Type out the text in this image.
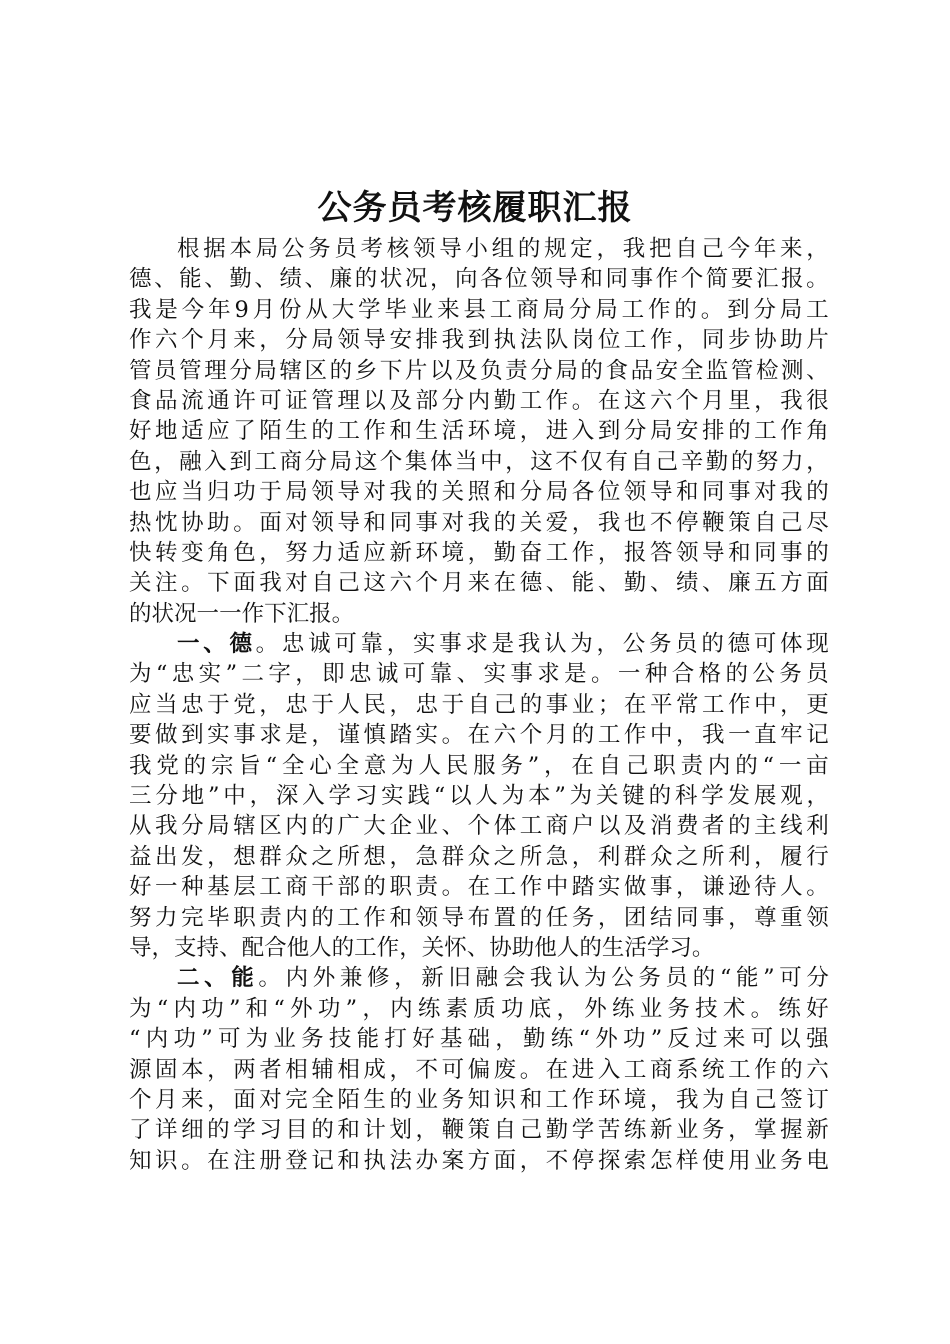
公务员考核履职汇报
根 据 本 局 公 务 员 考 核 领 导 小 组 的 规 定 ， 我 把 自 己 今 年 来 ，
德 、 能 、 勤 、 绩 、 廉 的 状 况 ， 向 各 位 领 导 和 同 事 作 个 简 要 汇 报 。
我 是 今 年 9 月 份 从 大 学 毕 业 来 县 工 商 局 分 局 工 作 的 。 到 分 局 工
作 六 个 月 来 ， 分 局 领 导 安 排 我 到 执 法 队 岗 位 工 作 ， 同 步 协 助 片
管 员 管 理 分 局 辖 区 的 乡 下 片 以 及 负 责 分 局 的 食 品 安 全 监 管 检 测 、
食 品 流 通 许 可 证 管 理 以 及 部 分 内 勤 工 作 。 在 这 六 个 月 里 ， 我 很
好 地 适 应 了 陌 生 的 工 作 和 生 活 环 境 ， 进 入 到 分 局 安 排 的 工 作 角
色 ， 融 入 到 工 商 分 局 这 个 集 体 当 中 ， 这 不 仅 有 自 己 辛 勤 的 努 力 ，
也 应 当 归 功 于 局 领 导 对 我 的 关 照 和 分 局 各 位 领 导 和 同 事 对 我 的
热 忱 协 助 。 面 对 领 导 和 同 事 对 我 的 关 爱 ， 我 也 不 停 鞭 策 自 己 尽
快 转 变 角 色 ， 努 力 适 应 新 环 境 ， 勤 奋 工 作 ， 报 答 领 导 和 同 事 的
关 注 。 下 面 我 对 自 己 这 六 个 月 来 在 德 、 能 、 勤 、 绩 、 廉 五 方 面
的 状 况 一 一 作 下 汇 报 。
一 、 德 。 忠 诚 可 靠 ， 实 事 求 是 我 认 为 ， 公 务 员 的 德 可 体 现
为 “ 忠 实 ” 二 字 ， 即 忠 诚 可 靠 、 实 事 求 是 。 一 种 合 格 的 公 务 员
应 当 忠 于 党 ， 忠 于 人 民 ， 忠 于 自 己 的 事 业 ； 在 平 常 工 作 中 ， 更
要 做 到 实 事 求 是 ， 谨 慎 踏 实 。 在 六 个 月 的 工 作 中 ， 我 一 直 牢 记
我 党 的 宗 旨 “ 全 心 全 意 为 人 民 服 务 ” ， 在 自 己 职 责 内 的 “ 一 亩
三 分 地 ” 中 ， 深 入 学 习 实 践 “ 以 人 为 本 ” 为 关 键 的 科 学 发 展 观 ，
从 我 分 局 辖 区 内 的 广 大 企 业 、 个 体 工 商 户 以 及 消 费 者 的 主 线 利
益 出 发 ， 想 群 众 之 所 想 ， 急 群 众 之 所 急 ， 利 群 众 之 所 利 ， 履 行
好 一 种 基 层 工 商 干 部 的 职 责 。 在 工 作 中 踏 实 做 事 ， 谦 逊 待 人 。
努 力 完 毕 职 责 内 的 工 作 和 领 导 布 置 的 任 务 ， 团 结 同 事 ， 尊 重 领
导 ， 支 持 、 配 合 他 人 的 工 作 ， 关 怀 、 协 助 他 人 的 生 活 学 习 。
二 、 能 。 内 外 兼 修 ， 新 旧 融 会 我 认 为 公 务 员 的 “ 能 ” 可 分
为 “ 内 功 ” 和 “ 外 功 ” ， 内 练 素 质 功 底 ， 外 练 业 务 技 术 。 练 好
“ 内 功 ” 可 为 业 务 技 能 打 好 基 础 ， 勤 练 “ 外 功 ” 反 过 来 可 以 强
源 固 本 ， 两 者 相 辅 相 成 ， 不 可 偏 废 。 在 进 入 工 商 系 统 工 作 的 六
个 月 来 ， 面 对 完 全 陌 生 的 业 务 知 识 和 工 作 环 境 ， 我 为 自 己 签 订
了 详 细 的 学 习 目 的 和 计 划 ， 鞭 策 自 己 勤 学 苦 练 新 业 务 ， 掌 握 新
知 识 。 在 注 册 登 记 和 执 法 办 案 方 面 ， 不 停 探 索 怎 样 使 用 业 务 电
